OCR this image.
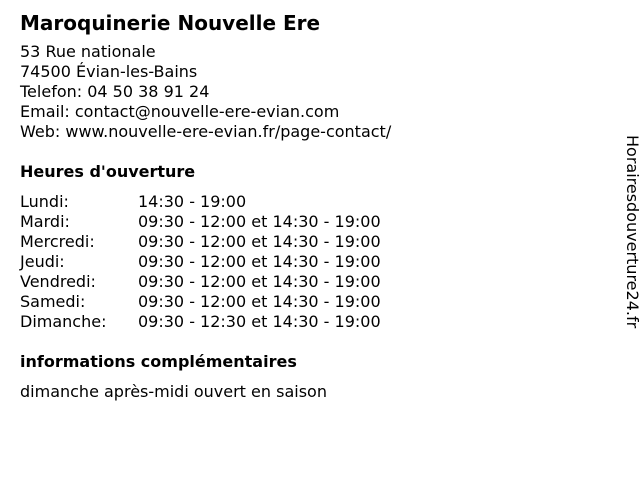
Maroquinerie Nouvelle Ere
53 Rue nationale
74500 Évian-les-Bains
Telefon: 04 50 38 91 24
Email: contact@nouvelle-ere-evian.com
Web: www.nouvelle-ere-evian.fr/page-contact/
Heures d'ouverture
Lundi:	14:30 - 19:00
Mardi:	09:30 - 12:00 et 14:30 - 19:00
Mercredi:	09:30 - 12:00 et 14:30 - 19:00
Jeudi:	09:30 - 12:00 et 14:30 - 19:00
Vendredi:	09:30 - 12:00 et 14:30 - 19:00
Samedi:	09:30 - 12:00 et 14:30 - 19:00
Dimanche:	09:30 - 12:30 et 14:30 - 19:00
informations complémentaires
dimanche après-midi ouvert en saison
Horairesdouverture24.fr
